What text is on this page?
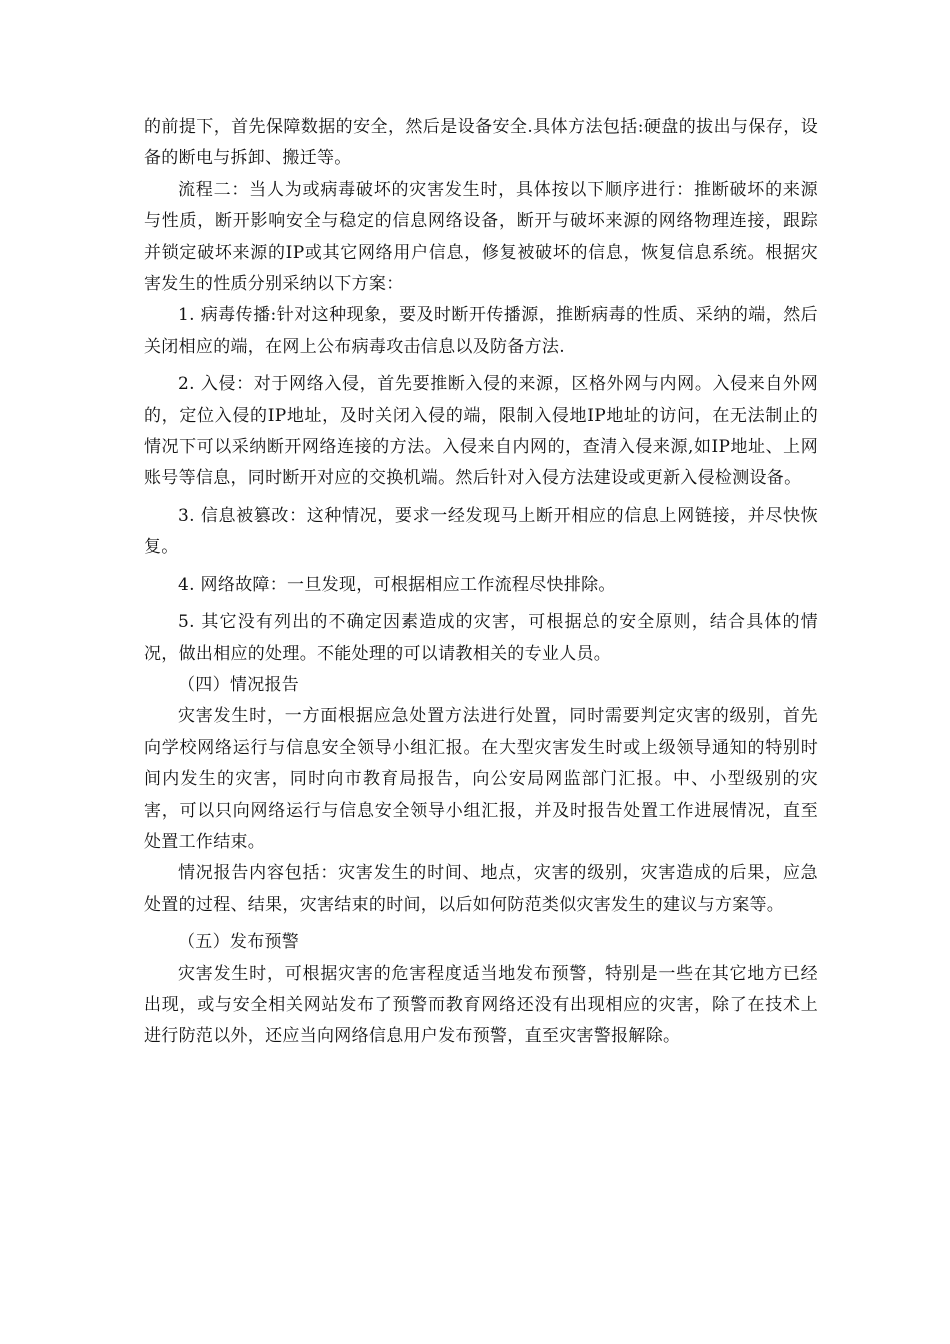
的前提下，首先保障数据的安全，然后是设备安全.具体方法包括:硬盘的拔出与保存，设备的断电与拆卸、搬迁等。

流程二：当人为或病毒破坏的灾害发生时，具体按以下顺序进行：推断破坏的来源与性质，断开影响安全与稳定的信息网络设备，断开与破坏来源的网络物理连接，跟踪并锁定破坏来源的IP或其它网络用户信息，修复被破坏的信息，恢复信息系统。根据灾害发生的性质分别采纳以下方案：

1. 病毒传播:针对这种现象，要及时断开传播源，推断病毒的性质、采纳的端，然后关闭相应的端，在网上公布病毒攻击信息以及防备方法.

2. 入侵：对于网络入侵，首先要推断入侵的来源，区格外网与内网。入侵来自外网的，定位入侵的IP地址，及时关闭入侵的端，限制入侵地IP地址的访问，在无法制止的情况下可以采纳断开网络连接的方法。入侵来自内网的，查清入侵来源,如IP地址、上网账号等信息，同时断开对应的交换机端。然后针对入侵方法建设或更新入侵检测设备。

3. 信息被篡改：这种情况，要求一经发现马上断开相应的信息上网链接，并尽快恢复。

4. 网络故障：一旦发现，可根据相应工作流程尽快排除。

5. 其它没有列出的不确定因素造成的灾害，可根据总的安全原则，结合具体的情况，做出相应的处理。不能处理的可以请教相关的专业人员。

（四）情况报告

灾害发生时，一方面根据应急处置方法进行处置，同时需要判定灾害的级别，首先向学校网络运行与信息安全领导小组汇报。在大型灾害发生时或上级领导通知的特别时间内发生的灾害，同时向市教育局报告，向公安局网监部门汇报。中、小型级别的灾害，可以只向网络运行与信息安全领导小组汇报，并及时报告处置工作进展情况，直至处置工作结束。

情况报告内容包括：灾害发生的时间、地点，灾害的级别，灾害造成的后果，应急处置的过程、结果，灾害结束的时间，以后如何防范类似灾害发生的建议与方案等。

（五）发布预警

灾害发生时，可根据灾害的危害程度适当地发布预警，特别是一些在其它地方已经出现，或与安全相关网站发布了预警而教育网络还没有出现相应的灾害，除了在技术上进行防范以外，还应当向网络信息用户发布预警，直至灾害警报解除。
